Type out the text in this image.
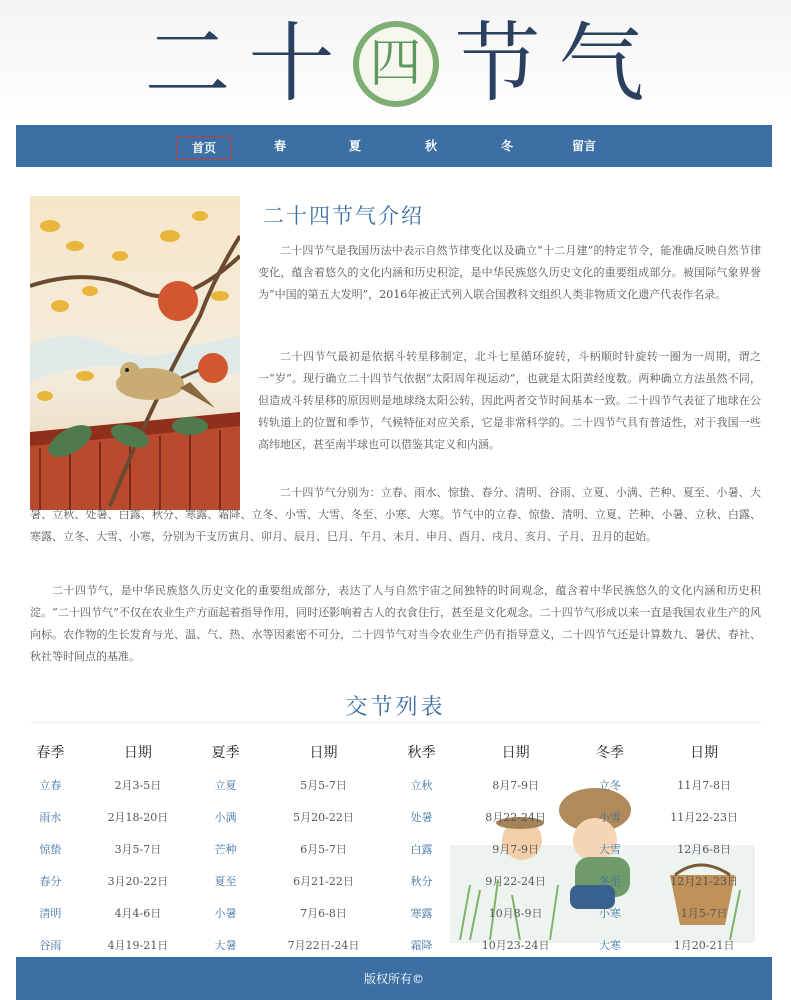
二 十 四 节 气
首页	春	夏	秋	冬	留言
二十四节气介绍

二十四节气是我国历法中表示自然节律变化以及确立“十二月建”的特定节令，能准确反映自然节律变化，蕴含着悠久的文化内涵和历史积淀，是中华民族悠久历史文化的重要组成部分。被国际气象界誉为“中国的第五大发明”，2016年被正式列入联合国教科文组织人类非物质文化遗产代表作名录。

二十四节气最初是依据斗转星移制定，北斗七星循环旋转，斗柄顺时针旋转一圈为一周期，谓之一“岁”。现行确立二十四节气依据“太阳周年视运动”，也就是太阳黄经度数。两种确立方法虽然不同，但造成斗转星移的原因则是地球绕太阳公转，因此两者交节时间基本一致。二十四节气表征了地球在公转轨道上的位置和季节，气候特征对应关系，它是非常科学的。二十四节气具有普适性，对于我国一些高纬地区，甚至南半球也可以借鉴其定义和内涵。

二十四节气分别为：立春、雨水、惊蛰、春分、清明、谷雨、立夏、小满、芒种、夏至、小暑、大暑、立秋、处暑、白露、秋分、寒露、霜降、立冬、小雪、大雪、冬至、小寒、大寒。节气中的立春、惊蛰、清明、立夏、芒种、小暑、立秋、白露、寒露、立冬、大雪、小寒，分别为干支历寅月、卯月、辰月、巳月、午月、未月、申月、酉月、戌月、亥月、子月、丑月的起始。

二十四节气，是中华民族悠久历史文化的重要组成部分，表达了人与自然宇宙之间独特的时间观念，蕴含着中华民族悠久的文化内涵和历史积淀。“二十四节气”不仅在农业生产方面起着指导作用，同时还影响着古人的衣食住行，甚至是文化观念。二十四节气形成以来一直是我国农业生产的风向标。农作物的生长发育与光、温、气、热、水等因素密不可分，二十四节气对当今农业生产仍有指导意义，二十四节气还是计算数九、暑伏、春社、秋社等时间点的基准。

交节列表
春季	日期	夏季	日期	秋季	日期	冬季	日期
立春	2月3-5日	立夏	5月5-7日	立秋	8月7-9日	立冬	11月7-8日
雨水	2月18-20日	小满	5月20-22日	处暑	8月22-24日	小雪	11月22-23日
惊蛰	3月5-7日	芒种	6月5-7日	白露	9月7-9日	大雪	12月6-8日
春分	3月20-22日	夏至	6月21-22日	秋分	9月22-24日	冬至	12月21-23日
清明	4月4-6日	小暑	7月6-8日	寒露	10月8-9日	小寒	1月5-7日
谷雨	4月19-21日	大暑	7月22日-24日	霜降	10月23-24日	大寒	1月20-21日
版权所有©
